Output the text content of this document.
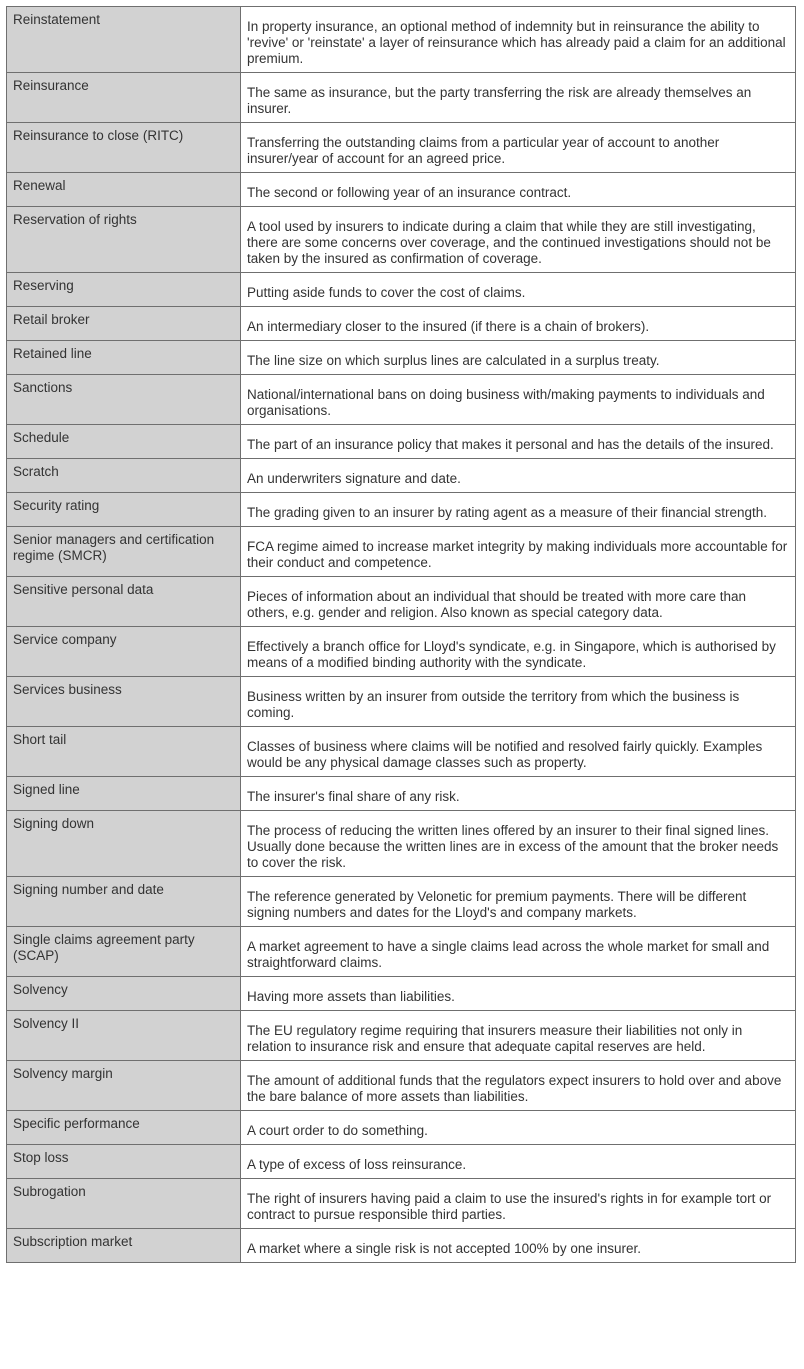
Reinstatement	In property insurance, an optional method of indemnity but in reinsurance the ability to 'revive' or 'reinstate' a layer of reinsurance which has already paid a claim for an additional premium.
Reinsurance	The same as insurance, but the party transferring the risk are already themselves an insurer.
Reinsurance to close (RITC)	Transferring the outstanding claims from a particular year of account to another insurer/year of account for an agreed price.
Renewal	The second or following year of an insurance contract.
Reservation of rights	A tool used by insurers to indicate during a claim that while they are still investigating, there are some concerns over coverage, and the continued investigations should not be taken by the insured as confirmation of coverage.
Reserving	Putting aside funds to cover the cost of claims.
Retail broker	An intermediary closer to the insured (if there is a chain of brokers).
Retained line	The line size on which surplus lines are calculated in a surplus treaty.
Sanctions	National/international bans on doing business with/making payments to individuals and organisations.
Schedule	The part of an insurance policy that makes it personal and has the details of the insured.
Scratch	An underwriters signature and date.
Security rating	The grading given to an insurer by rating agent as a measure of their financial strength.
Senior managers and certification regime (SMCR)	FCA regime aimed to increase market integrity by making individuals more accountable for their conduct and competence.
Sensitive personal data	Pieces of information about an individual that should be treated with more care than others, e.g. gender and religion. Also known as special category data.
Service company	Effectively a branch office for Lloyd's syndicate, e.g. in Singapore, which is authorised by means of a modified binding authority with the syndicate.
Services business	Business written by an insurer from outside the territory from which the business is coming.
Short tail	Classes of business where claims will be notified and resolved fairly quickly. Examples would be any physical damage classes such as property.
Signed line	The insurer's final share of any risk.
Signing down	The process of reducing the written lines offered by an insurer to their final signed lines. Usually done because the written lines are in excess of the amount that the broker needs to cover the risk.
Signing number and date	The reference generated by Velonetic for premium payments. There will be different signing numbers and dates for the Lloyd's and company markets.
Single claims agreement party (SCAP)	A market agreement to have a single claims lead across the whole market for small and straightforward claims.
Solvency	Having more assets than liabilities.
Solvency II	The EU regulatory regime requiring that insurers measure their liabilities not only in relation to insurance risk and ensure that adequate capital reserves are held.
Solvency margin	The amount of additional funds that the regulators expect insurers to hold over and above the bare balance of more assets than liabilities.
Specific performance	A court order to do something.
Stop loss	A type of excess of loss reinsurance.
Subrogation	The right of insurers having paid a claim to use the insured's rights in for example tort or contract to pursue responsible third parties.
Subscription market	A market where a single risk is not accepted 100% by one insurer.
